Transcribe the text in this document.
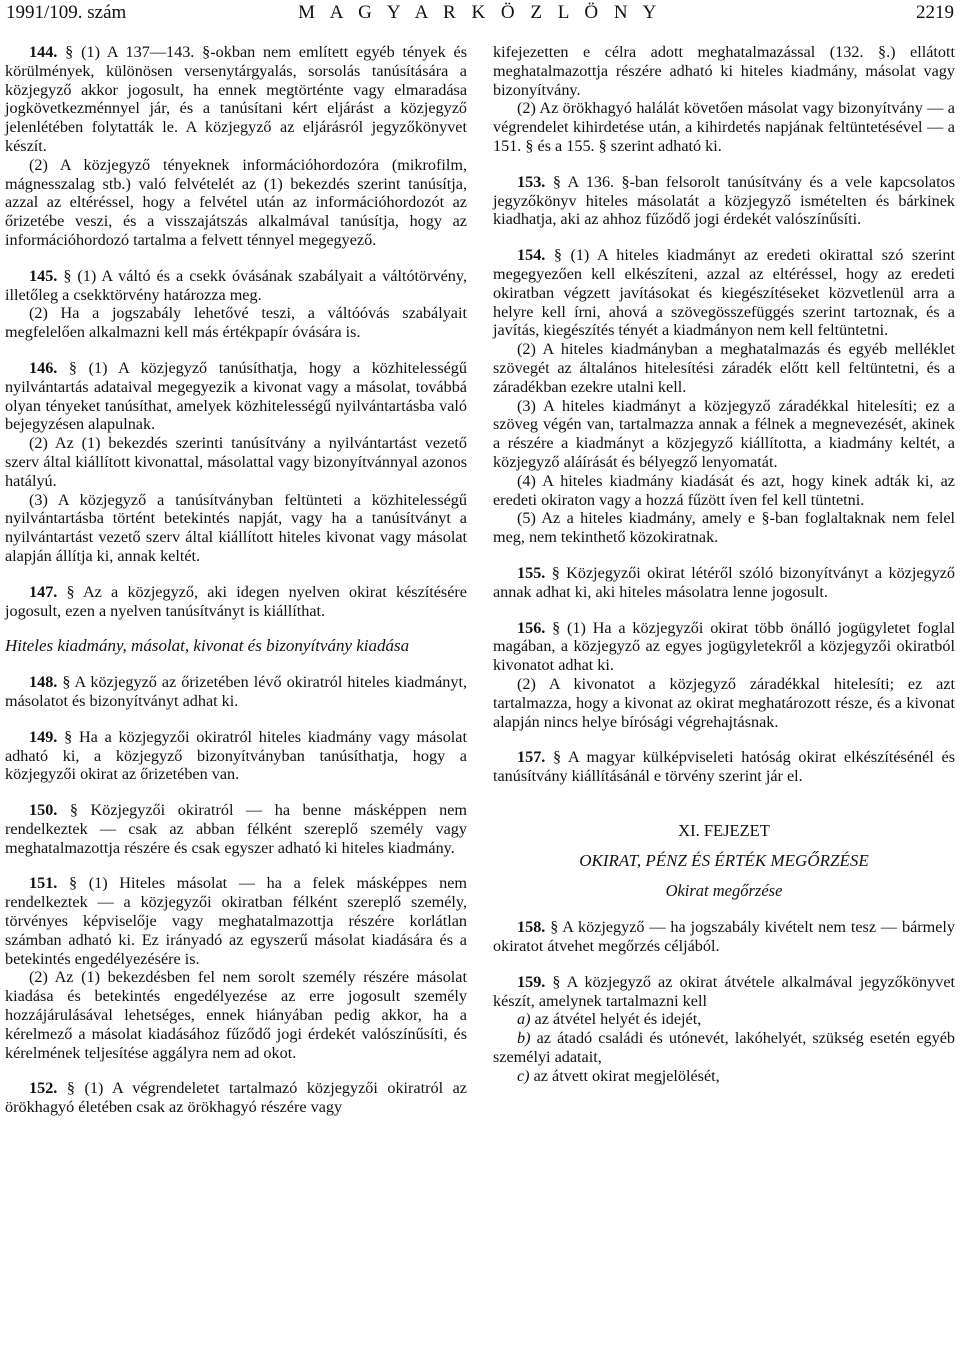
1991/109. szám	M A G Y A R K Ö Z L Ö N Y	2219

144. § (1) A 137—143. §-okban nem említett egyéb tények és körülmények, különösen versenytárgyalás, sorsolás tanúsítására a közjegyző akkor jogosult, ha ennek megtörténte vagy elmaradása jogkövetkezménnyel jár, és a tanúsítani kért eljárást a közjegyző jelenlétében folytatták le. A közjegyző az eljárásról jegyzőkönyvet készít.

(2) A közjegyző tényeknek információhordozóra (mikrofilm, mágnesszalag stb.) való felvételét az (1) bekezdés szerint tanúsítja, azzal az eltéréssel, hogy a felvétel után az információhordozót az őrizetébe veszi, és a visszajátszás alkalmával tanúsítja, hogy az információhordozó tartalma a felvett ténnyel megegyező.

145. § (1) A váltó és a csekk óvásának szabályait a váltótörvény, illetőleg a csekktörvény határozza meg.

(2) Ha a jogszabály lehetővé teszi, a váltóóvás szabályait megfelelően alkalmazni kell más értékpapír óvására is.

146. § (1) A közjegyző tanúsíthatja, hogy a közhitelességű nyilvántartás adataival megegyezik a kivonat vagy a másolat, továbbá olyan tényeket tanúsíthat, amelyek közhitelességű nyilvántartásba való bejegyzésen alapulnak.

(2) Az (1) bekezdés szerinti tanúsítvány a nyilvántartást vezető szerv által kiállított kivonattal, másolattal vagy bizonyítvánnyal azonos hatályú.

(3) A közjegyző a tanúsítványban feltünteti a közhitelességű nyilvántartásba történt betekintés napját, vagy ha a tanúsítványt a nyilvántartást vezető szerv által kiállított hiteles kivonat vagy másolat alapján állítja ki, annak keltét.

147. § Az a közjegyző, aki idegen nyelven okirat készítésére jogosult, ezen a nyelven tanúsítványt is kiállíthat.

Hiteles kiadmány, másolat, kivonat és bizonyítvány kiadása

148. § A közjegyző az őrizetében lévő okiratról hiteles kiadmányt, másolatot és bizonyítványt adhat ki.

149. § Ha a közjegyzői okiratról hiteles kiadmány vagy másolat adható ki, a közjegyző bizonyítványban tanúsíthatja, hogy a közjegyzői okirat az őrizetében van.

150. § Közjegyzői okiratról — ha benne másképpen nem rendelkeztek — csak az abban félként szereplő személy vagy meghatalmazottja részére és csak egyszer adható ki hiteles kiadmány.

151. § (1) Hiteles másolat — ha a felek másképpes nem rendelkeztek — a közjegyzői okiratban félként szereplő személy, törvényes képviselője vagy meghatalmazottja részére korlátlan számban adható ki. Ez irányadó az egyszerű másolat kiadására és a betekintés engedélyezésére is.

(2) Az (1) bekezdésben fel nem sorolt személy részére másolat kiadása és betekintés engedélyezése az erre jogosult személy hozzájárulásával lehetséges, ennek hiányában pedig akkor, ha a kérelmező a másolat kiadásához fűződő jogi érdekét valószínűsíti, és kérelmének teljesítése aggályra nem ad okot.

152. § (1) A végrendeletet tartalmazó közjegyzői okiratról az örökhagyó életében csak az örökhagyó részére vagy

kifejezetten e célra adott meghatalmazással (132. §.) ellátott meghatalmazottja részére adható ki hiteles kiadmány, másolat vagy bizonyítvány.

(2) Az örökhagyó halálát követően másolat vagy bizonyítvány — a végrendelet kihirdetése után, a kihirdetés napjának feltüntetésével — a 151. § és a 155. § szerint adható ki.

153. § A 136. §-ban felsorolt tanúsítvány és a vele kapcsolatos jegyzőkönyv hiteles másolatát a közjegyző ismételten és bárkinek kiadhatja, aki az ahhoz fűződő jogi érdekét valószínűsíti.

154. § (1) A hiteles kiadmányt az eredeti okirattal szó szerint megegyezően kell elkészíteni, azzal az eltéréssel, hogy az eredeti okiratban végzett javításokat és kiegészítéseket közvetlenül arra a helyre kell írni, ahová a szövegösszefüggés szerint tartoznak, és a javítás, kiegészítés tényét a kiadmányon nem kell feltüntetni.

(2) A hiteles kiadmányban a meghatalmazás és egyéb melléklet szövegét az általános hitelesítési záradék előtt kell feltüntetni, és a záradékban ezekre utalni kell.

(3) A hiteles kiadmányt a közjegyző záradékkal hitelesíti; ez a szöveg végén van, tartalmazza annak a félnek a megnevezését, akinek a részére a kiadmányt a közjegyző kiállította, a kiadmány keltét, a közjegyző aláírását és bélyegző lenyomatát.

(4) A hiteles kiadmány kiadását és azt, hogy kinek adták ki, az eredeti okiraton vagy a hozzá fűzött íven fel kell tüntetni.

(5) Az a hiteles kiadmány, amely e §-ban foglaltaknak nem felel meg, nem tekinthető közokiratnak.

155. § Közjegyzői okirat létéről szóló bizonyítványt a közjegyző annak adhat ki, aki hiteles másolatra lenne jogosult.

156. § (1) Ha a közjegyzői okirat több önálló jogügyletet foglal magában, a közjegyző az egyes jogügyletekről a közjegyzői okiratból kivonatot adhat ki.

(2) A kivonatot a közjegyző záradékkal hitelesíti; ez azt tartalmazza, hogy a kivonat az okirat meghatározott része, és a kivonat alapján nincs helye bírósági végrehajtásnak.

157. § A magyar külképviseleti hatóság okirat elkészítésénél és tanúsítvány kiállításánál e törvény szerint jár el.

XI. FEJEZET

OKIRAT, PÉNZ ÉS ÉRTÉK MEGŐRZÉSE

Okirat megőrzése

158. § A közjegyző — ha jogszabály kivételt nem tesz — bármely okiratot átvehet megőrzés céljából.

159. § A közjegyző az okirat átvétele alkalmával jegyzőkönyvet készít, amelynek tartalmazni kell

a) az átvétel helyét és idejét,

b) az átadó családi és utónevét, lakóhelyét, szükség esetén egyéb személyi adatait,

c) az átvett okirat megjelölését,
